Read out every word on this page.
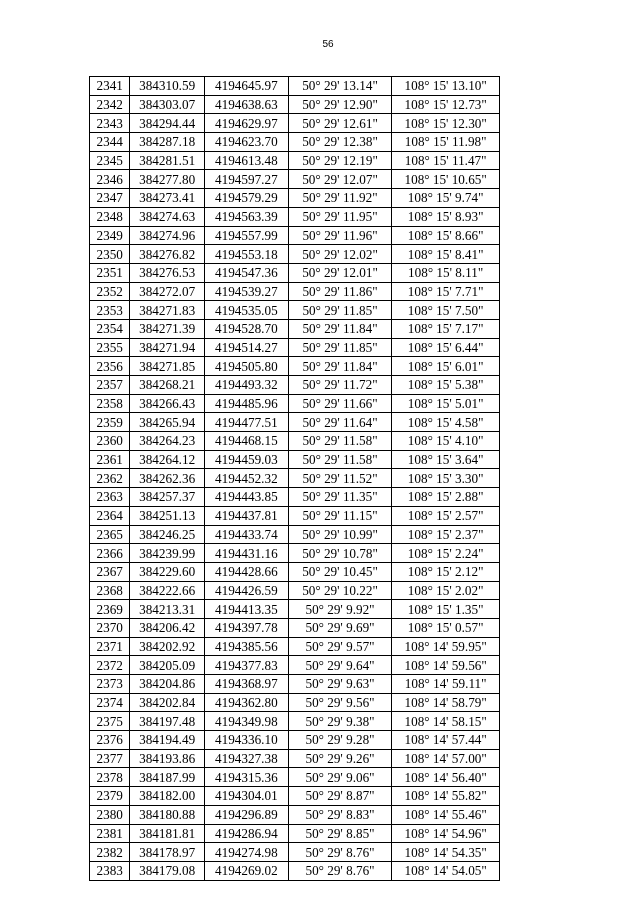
56
2341	384310.59	4194645.97	50° 29' 13.14"	108° 15' 13.10"
2342	384303.07	4194638.63	50° 29' 12.90"	108° 15' 12.73"
2343	384294.44	4194629.97	50° 29' 12.61"	108° 15' 12.30"
2344	384287.18	4194623.70	50° 29' 12.38"	108° 15' 11.98"
2345	384281.51	4194613.48	50° 29' 12.19"	108° 15' 11.47"
2346	384277.80	4194597.27	50° 29' 12.07"	108° 15' 10.65"
2347	384273.41	4194579.29	50° 29' 11.92"	108° 15' 9.74"
2348	384274.63	4194563.39	50° 29' 11.95"	108° 15' 8.93"
2349	384274.96	4194557.99	50° 29' 11.96"	108° 15' 8.66"
2350	384276.82	4194553.18	50° 29' 12.02"	108° 15' 8.41"
2351	384276.53	4194547.36	50° 29' 12.01"	108° 15' 8.11"
2352	384272.07	4194539.27	50° 29' 11.86"	108° 15' 7.71"
2353	384271.83	4194535.05	50° 29' 11.85"	108° 15' 7.50"
2354	384271.39	4194528.70	50° 29' 11.84"	108° 15' 7.17"
2355	384271.94	4194514.27	50° 29' 11.85"	108° 15' 6.44"
2356	384271.85	4194505.80	50° 29' 11.84"	108° 15' 6.01"
2357	384268.21	4194493.32	50° 29' 11.72"	108° 15' 5.38"
2358	384266.43	4194485.96	50° 29' 11.66"	108° 15' 5.01"
2359	384265.94	4194477.51	50° 29' 11.64"	108° 15' 4.58"
2360	384264.23	4194468.15	50° 29' 11.58"	108° 15' 4.10"
2361	384264.12	4194459.03	50° 29' 11.58"	108° 15' 3.64"
2362	384262.36	4194452.32	50° 29' 11.52"	108° 15' 3.30"
2363	384257.37	4194443.85	50° 29' 11.35"	108° 15' 2.88"
2364	384251.13	4194437.81	50° 29' 11.15"	108° 15' 2.57"
2365	384246.25	4194433.74	50° 29' 10.99"	108° 15' 2.37"
2366	384239.99	4194431.16	50° 29' 10.78"	108° 15' 2.24"
2367	384229.60	4194428.66	50° 29' 10.45"	108° 15' 2.12"
2368	384222.66	4194426.59	50° 29' 10.22"	108° 15' 2.02"
2369	384213.31	4194413.35	50° 29' 9.92"	108° 15' 1.35"
2370	384206.42	4194397.78	50° 29' 9.69"	108° 15' 0.57"
2371	384202.92	4194385.56	50° 29' 9.57"	108° 14' 59.95"
2372	384205.09	4194377.83	50° 29' 9.64"	108° 14' 59.56"
2373	384204.86	4194368.97	50° 29' 9.63"	108° 14' 59.11"
2374	384202.84	4194362.80	50° 29' 9.56"	108° 14' 58.79"
2375	384197.48	4194349.98	50° 29' 9.38"	108° 14' 58.15"
2376	384194.49	4194336.10	50° 29' 9.28"	108° 14' 57.44"
2377	384193.86	4194327.38	50° 29' 9.26"	108° 14' 57.00"
2378	384187.99	4194315.36	50° 29' 9.06"	108° 14' 56.40"
2379	384182.00	4194304.01	50° 29' 8.87"	108° 14' 55.82"
2380	384180.88	4194296.89	50° 29' 8.83"	108° 14' 55.46"
2381	384181.81	4194286.94	50° 29' 8.85"	108° 14' 54.96"
2382	384178.97	4194274.98	50° 29' 8.76"	108° 14' 54.35"
2383	384179.08	4194269.02	50° 29' 8.76"	108° 14' 54.05"
